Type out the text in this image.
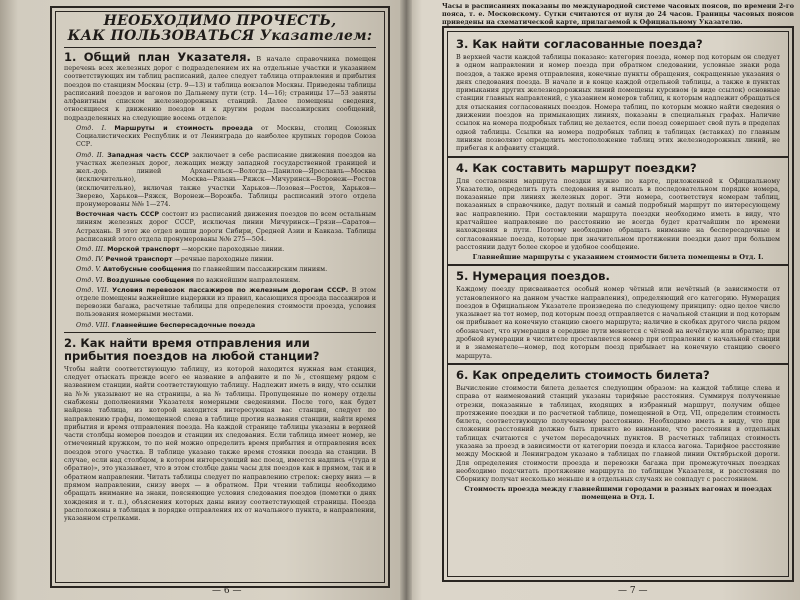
НЕОБХОДИМО ПРОЧЕСТЬ,
КАК ПОЛЬЗОВАТЬСЯ Указателем:
1. Общий план Указателя. В начале справочника помещен перечень всех железных дорог с подразделением их на отдельные участки и указанием соответствующих им таблиц расписаний, далее следует таблица отправления и прибытия поездов по станциям Москвы (стр. 9—13) и таблица вокзалов Москвы. Приведены таблицы расписаний поездов и вагонов по Дальнему пути (стр. 14—16); страницы 17—53 заняты алфавитным списком железнодорожных станций. Далее помещены сведения, относящиеся к движению поездов и к другим родам пассажирских сообщений, подразделенных на следующие восемь отделов:
Отд. I. Маршруты и стоимость проезда от Москвы, столиц Союзных Социалистических Республик и от Ленинграда до наиболее крупных городов Союза ССР.
Отд. II. Западная часть СССР заключает в себе расписание движения поездов на участках железных дорог, лежащих между западной государственной границей и жел.-дор. линией Архангельск—Вологда—Данилов—Ярославль—Москва (исключительно), Москва—Рязань—Ряжск—Мичуринск—Воронеж—Ростов (исключительно), включая также участки Харьков—Лозовая—Ростов, Харьков—Зверево, Харьков—Ряжск, Воронеж—Ворожба. Таблицы расписаний этого отдела пронумерованы №№ 1—274.
Восточная часть СССР состоит из расписаний движения поездов по всем остальным линиям железных дорог СССР, исключая линии Мичуринск—Грязи—Саратов—Астрахань. В этот же отдел вошли дороги Сибири, Средней Азии и Кавказа. Таблицы расписаний этого отдела пронумерованы №№ 275—504.
Отд. III. Морской транспорт —морские пароходные линии.
Отд. IV. Речной транспорт —речные пароходные линии.
Отд. V. Автобусные сообщения по главнейшим пассажирским линиям.
Отд. VI. Воздушные сообщения по важнейшим направлениям.
Отд. VII. Условия перевозок пассажиров по железным дорогам СССР. В этом отделе помещены важнейшие выдержки из правил, касающихся проезда пассажиров и перевозки багажа, расчетные таблицы для определения стоимости проезда, условия пользования номерными местами.
Отд. VIII. Главнейшие беспересадочные поезда
2. Как найти время отправления или прибытия поездов на любой станции?
Чтобы найти соответствующую таблицу, из которой находится нужная вам станция, следует отыскать прежде всего ее название в алфавите и по №, стоящему рядом с названием станции, найти соответствующую таблицу. Надлежит иметь в виду, что ссылки на №№ указывают не на страницы, а на № таблицы. Пропущенные по номеру отделы снабжены дополнениями Указателя номерными сведениями. После того, как будет найдена таблица, из которой находится интересующая вас станция, следует по направлению графы, помещенной слева в таблице против названия станции, найти время прибытия и время отправления поезда. На каждой странице таблицы указаны в верхней части столбцы номеров поездов и станции их следования. Если таблица имеет номер, не отмеченный кружком, то по ней можно определить время прибытия и отправления всех поездов этого участка. В таблице указано также время стоянки поезда на станции. В случае, если над столбцом, в котором интересующий вас поезд, имеется надпись «(туда и обратно)», это указывает, что в этом столбце даны часы для поездов как в прямом, так и в обратном направлении. Читать таблицы следует по направлению стрелок: сверху вниз — в прямом направлении, снизу вверх — в обратном. При чтении таблицы необходимо обращать внимание на знаки, поясняющие условия следования поездов (пометки о днях хождения и т. п.), объяснения которых даны внизу соответствующей страницы. Поезда расположены в таблицах в порядке отправления их от начального пункта, в направлении, указанном стрелками.
— 6 —
Часы в расписаниях показаны по международной системе часовых поясов, по времени 2-го пояса, т. е. Московскому. Сутки считаются от нуля до 24 часов. Границы часовых поясов приведены на схематической карте, прилагаемой к Официальному Указателю.
3. Как найти согласованные поезда?
В верхней части каждой таблицы показано: категория поезда, номер под которым он следует в одном направлении и номер поезда при обратном следовании, условные знаки рода поездов, а также время отправления, конечные пункты обращения, сокращенные указания о днях следования поезда. В начале и в конце каждой отдельной таблицы, а также в пунктах примыкания других железнодорожных линий помещены курсивом (в виде ссылок) основные станции главных направлений, с указанием номеров таблиц, к которым надлежит обращаться для отыскания согласованных поездов. Номера таблиц, по которым можно найти сведения о движении поездов на примыкающих линиях, показаны в специальных графах. Наличие ссылок на номера подробных таблиц не делается, если поезд совершает свой путь в пределах одной таблицы. Ссылки на номера подробных таблиц в таблицах (вставках) по главным линиям позволяют определить местоположение таблиц этих железнодорожных линий, не прибегая к алфавиту станций.
4. Как составить маршрут поездки?
Для составления маршрута поездки нужно по карте, приложенной к Официальному Указателю, определить путь следования и выписать в последовательном порядке номера, показанные при линиях железных дорог. Эти номера, соответствуя номерам таблиц, показанных в справочнике, дадут полный и самый подробный маршрут по интересующему вас направлению. При составлении маршрута поездки необходимо иметь в виду, что кратчайшее направление по расстоянию не всегда будет кратчайшим по времени нахождения в пути. Поэтому необходимо обращать внимание на беспересадочные и согласованные поезда, которые при значительном протяжении поездки дают при большем расстоянии дадут более скорое и удобное сообщение.
Главнейшие маршруты с указанием стоимости билета помещены в Отд. I.
5. Нумерация поездов.
Каждому поезду присваивается особый номер чётный или нечётный (в зависимости от установленного на данном участке направления), определяющий его категорию. Нумерация поездов в Официальном Указателе произведена по следующему принципу: одно целое число указывает на тот номер, под которым поезд отправляется с начальной станции и под которым он прибывает на конечную станцию своего маршрута; наличие в скобках другого числа рядом обозначает, что нумерация в середине пути меняется с чётной на нечётную или обратно; при дробной нумерации в числителе проставляется номер при отправлении с начальной станции и в знаменателе—номер, под которым поезд прибывает на конечную станцию своего маршрута.
6. Как определить стоимость билета?
Вычисление стоимости билета делается следующим образом: на каждой таблице слева и справа от наименований станций указаны тарифные расстояния. Суммируя полученные отрезки, показанные в таблицах, входящих в избранный маршрут, получим общее протяжение поездки и по расчетной таблице, помещенной в Отд. VII, определим стоимость билета, соответствующую полученному расстоянию. Необходимо иметь в виду, что при сложении расстояний должно быть принято во внимание, что расстояния в отдельных таблицах считаются с учетом пересадочных пунктов. В расчетных таблицах стоимость указана за проезд в зависимости от категории поезда и класса вагона. Тарифное расстояние между Москвой и Ленинградом указано в таблицах по главной линии Октябрьской дороги. Для определения стоимости проезда и перевозки багажа при промежуточных поездках необходимо подсчитать протяжение маршрута по таблицам Указателя, и расстояния по Сборнику получат несколько меньше и в отдельных случаях не совпадут с расстоянием.
Стоимость проезда между главнейшими городами в разных вагонах и поездах помещена в Отд. I.
— 7 —
